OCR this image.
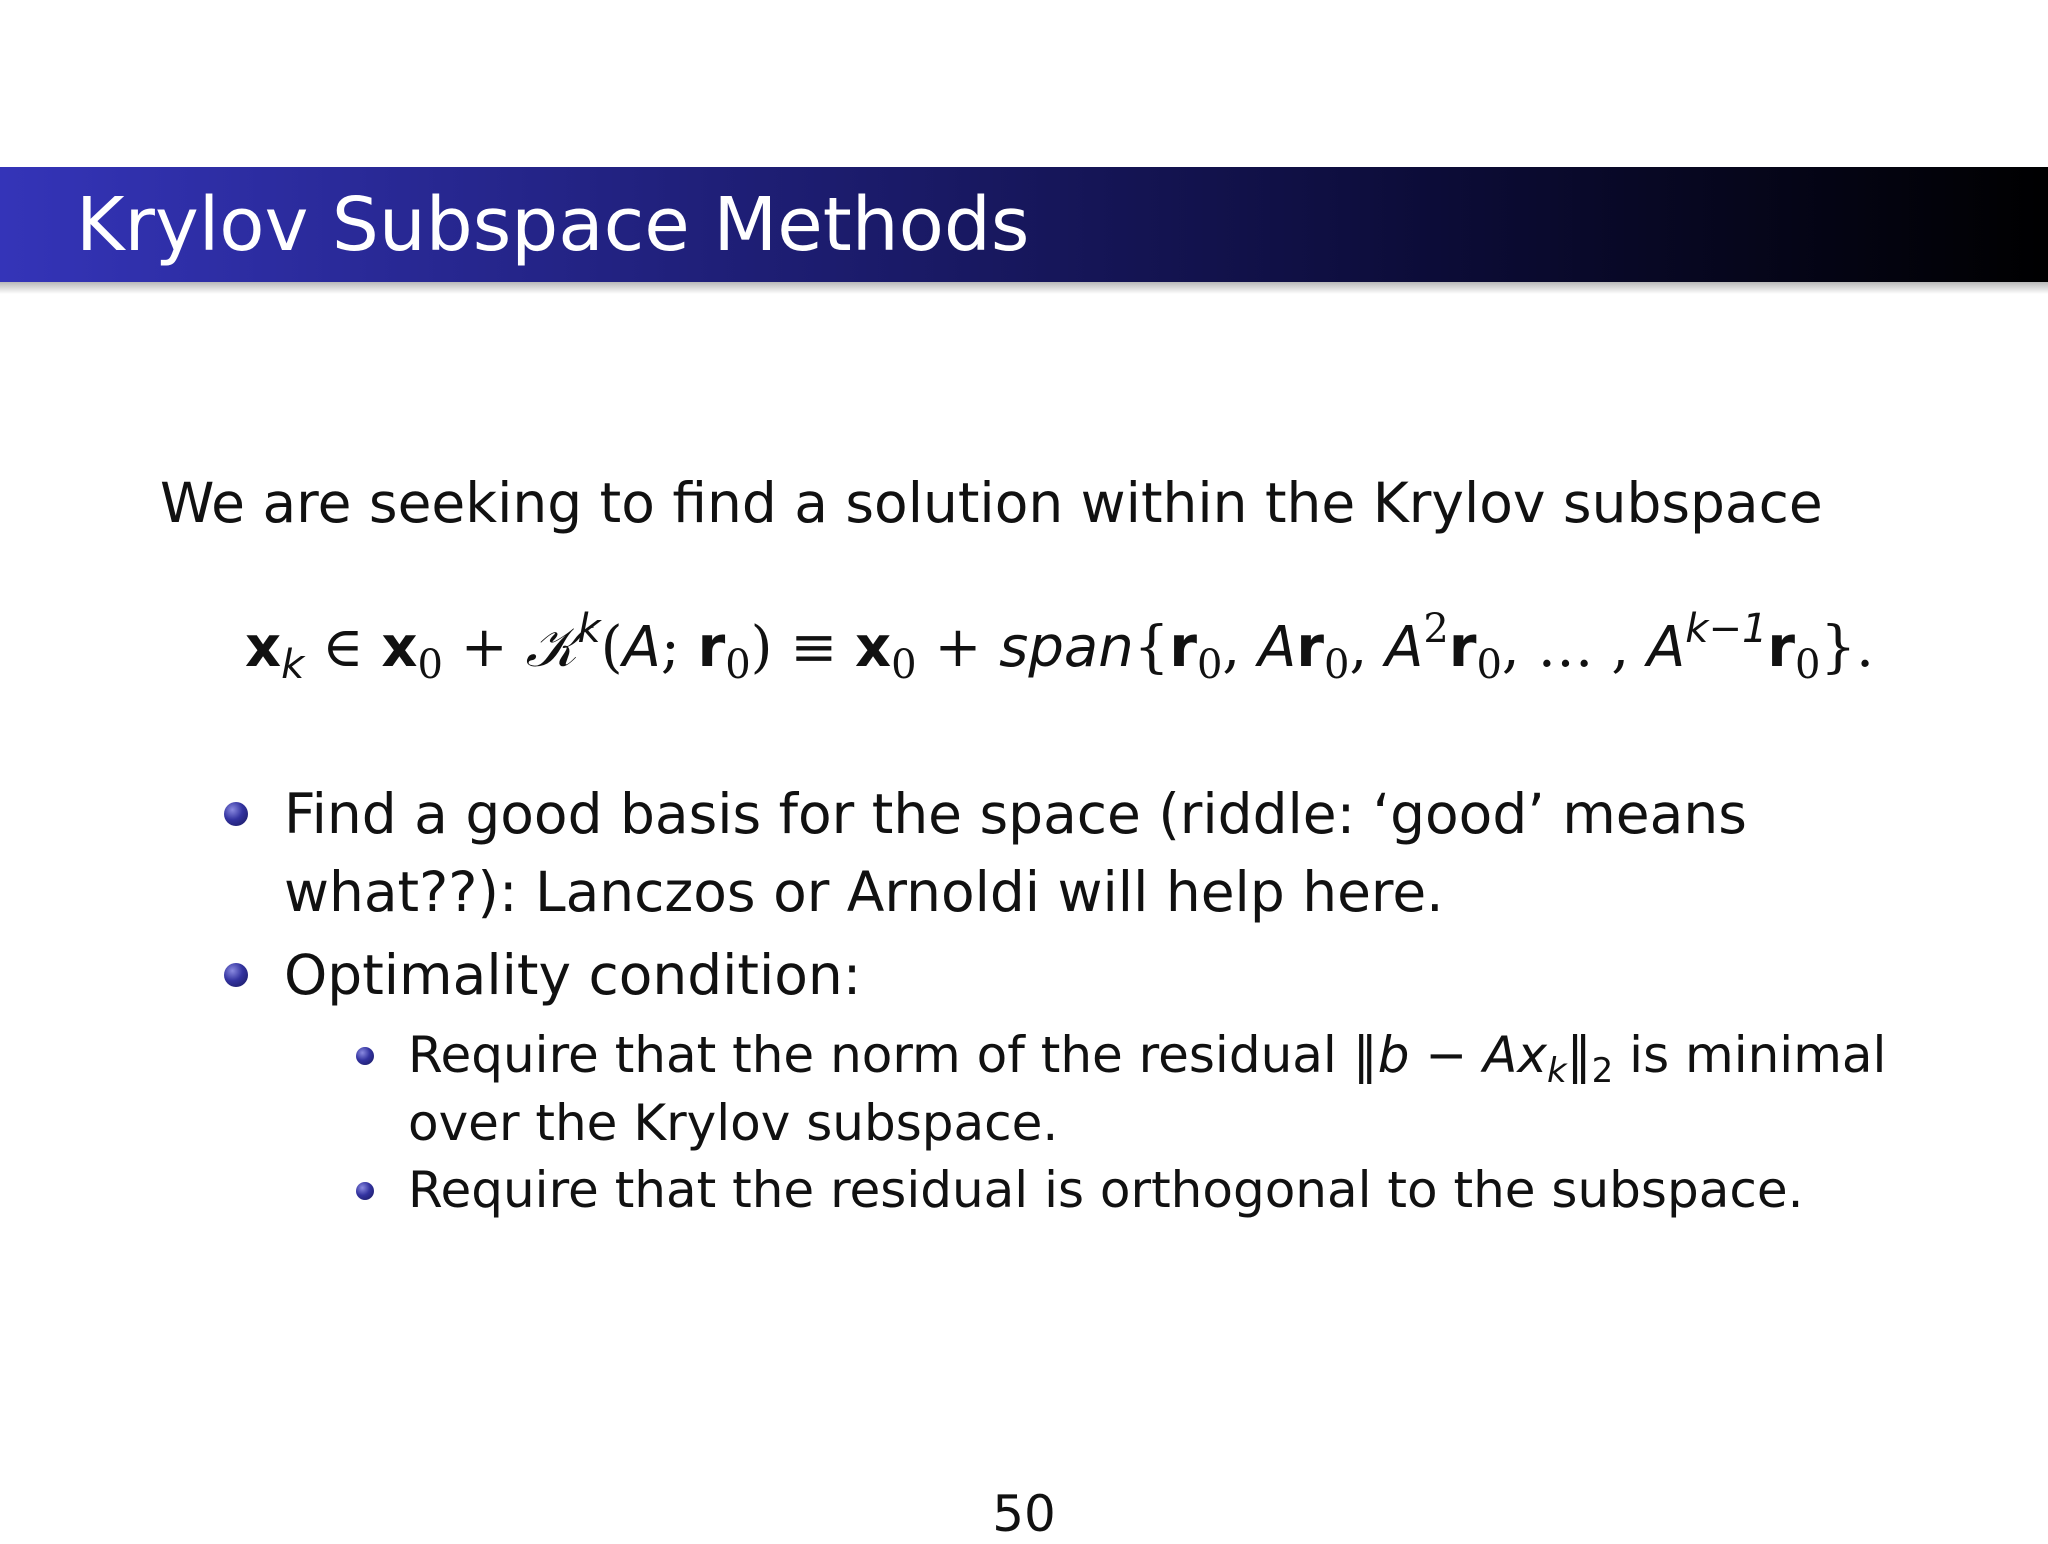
Krylov Subspace Methods
We are seeking to find a solution within the Krylov subspace
$x_k$ ∈ $x_0$ + 𝒦$^k$(A; $r_0) \equiv x_0$ + $span\{r_0$, $Ar_0$, $A^2r_0$, … , $A^{k-1}r_0$}.
Find a good basis for the space (riddle: ‘good’ means
what??): Lanczos or Arnoldi will help here.
Optimality condition:
Require that the norm of the residual ‖b − $Ax_k‖_2$ is minimal
over the Krylov subspace.
Require that the residual is orthogonal to the subspace.
50
